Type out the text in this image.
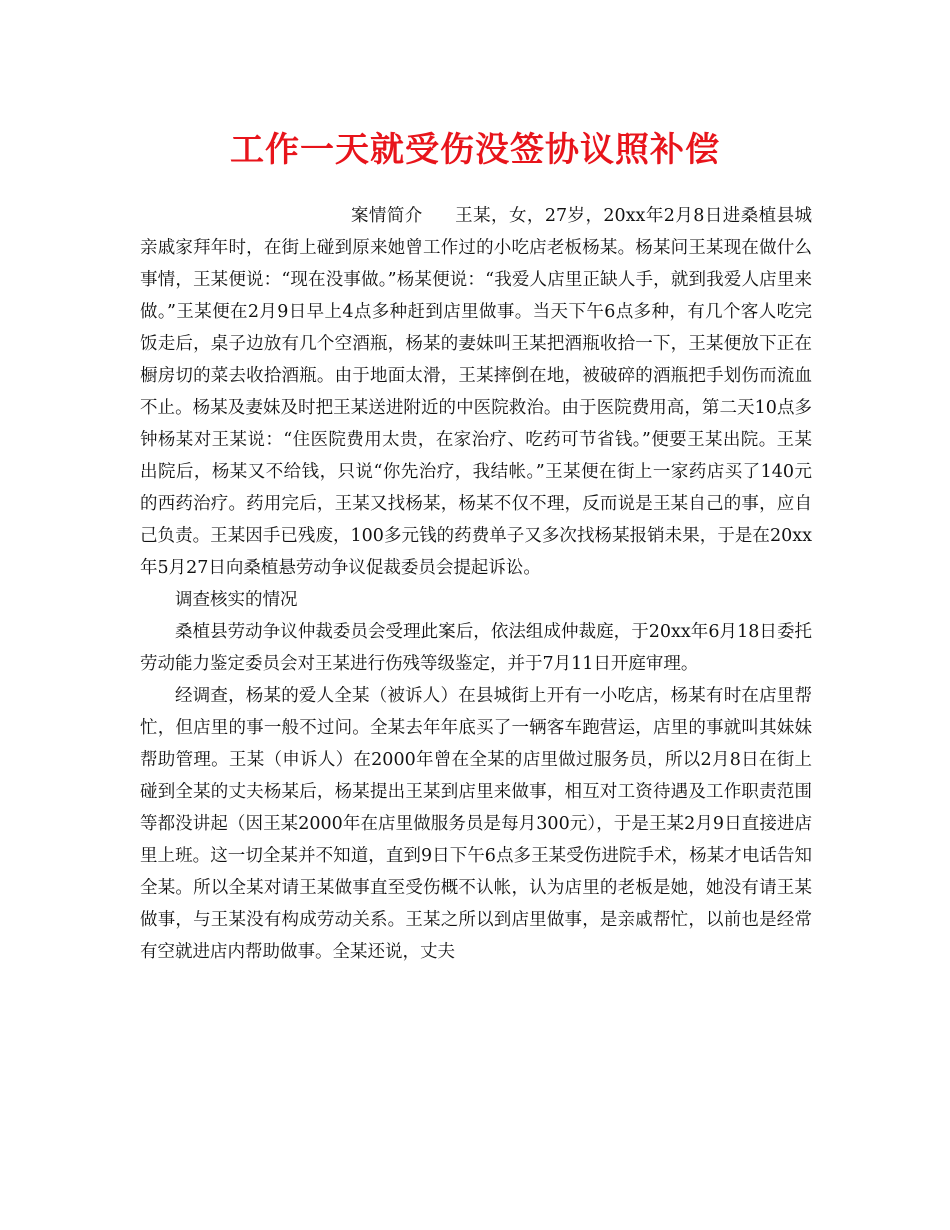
工作一天就受伤没签协议照补偿

案情简介 王某，女，27岁，20xx年2月8日进桑植县城亲戚家拜年时，在街上碰到原来她曾工作过的小吃店老板杨某。杨某问王某现在做什么事情，王某便说：“现在没事做。”杨某便说：“我爱人店里正缺人手，就到我爱人店里来做。”王某便在2月9日早上4点多种赶到店里做事。当天下午6点多种，有几个客人吃完饭走后，桌子边放有几个空酒瓶，杨某的妻妹叫王某把酒瓶收拾一下，王某便放下正在橱房切的菜去收拾酒瓶。由于地面太滑，王某摔倒在地，被破碎的酒瓶把手划伤而流血不止。杨某及妻妹及时把王某送进附近的中医院救治。由于医院费用高，第二天10点多钟杨某对王某说：“住医院费用太贵，在家治疗、吃药可节省钱。”便要王某出院。王某出院后，杨某又不给钱，只说“你先治疗，我结帐。”王某便在街上一家药店买了140元的西药治疗。药用完后，王某又找杨某，杨某不仅不理，反而说是王某自己的事，应自己负责。王某因手已残废，100多元钱的药费单子又多次找杨某报销未果，于是在20xx年5月27日向桑植悬劳动争议促裁委员会提起诉讼。

调查核实的情况

桑植县劳动争议仲裁委员会受理此案后，依法组成仲裁庭，于20xx年6月18日委托劳动能力鉴定委员会对王某进行伤残等级鉴定，并于7月11日开庭审理。

经调查，杨某的爱人全某（被诉人）在县城街上开有一小吃店，杨某有时在店里帮忙，但店里的事一般不过问。全某去年年底买了一辆客车跑营运，店里的事就叫其妹妹帮助管理。王某（申诉人）在2000年曾在全某的店里做过服务员，所以2月8日在街上碰到全某的丈夫杨某后，杨某提出王某到店里来做事，相互对工资待遇及工作职责范围等都没讲起（因王某2000年在店里做服务员是每月300元），于是王某2月9日直接进店里上班。这一切全某并不知道，直到9日下午6点多王某受伤进院手术，杨某才电话告知全某。所以全某对请王某做事直至受伤概不认帐，认为店里的老板是她，她没有请王某做事，与王某没有构成劳动关系。王某之所以到店里做事，是亲戚帮忙，以前也是经常有空就进店内帮助做事。全某还说，丈夫
